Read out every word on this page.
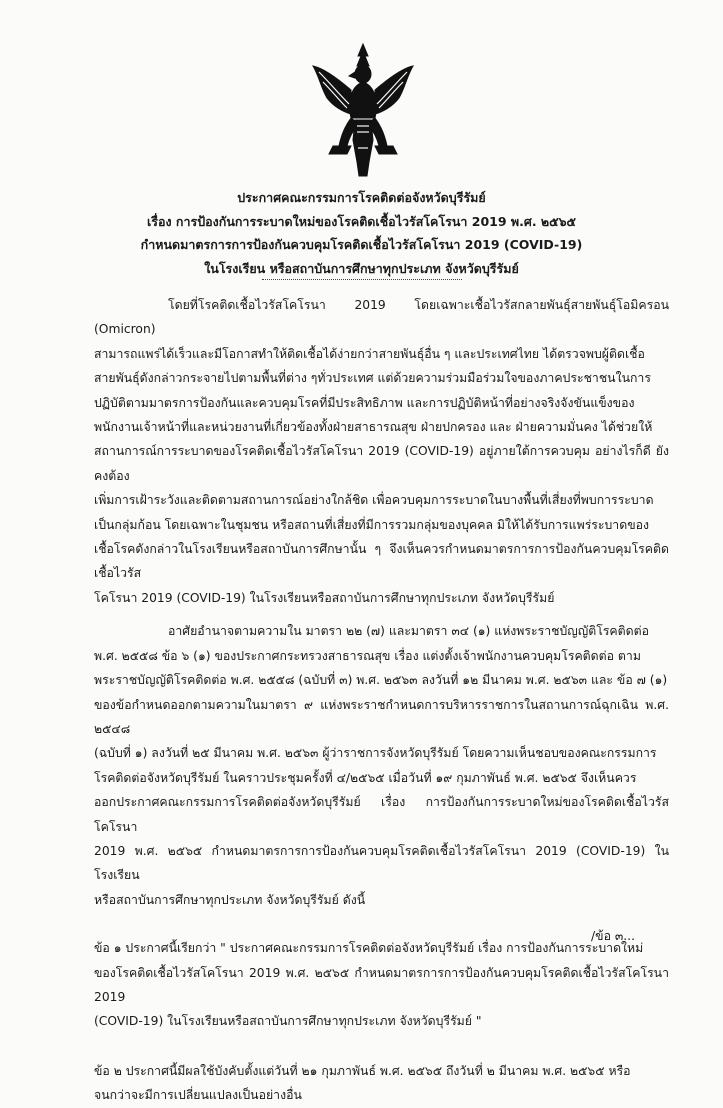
ประกาศคณะกรรมการโรคติดต่อจังหวัดบุรีรัมย์
เรื่อง การป้องกันการระบาดใหม่ของโรคติดเชื้อไวรัสโคโรนา 2019 พ.ศ. ๒๕๖๕
กำหนดมาตรการการป้องกันควบคุมโรคติดเชื้อไวรัสโคโรนา 2019 (COVID-19)
ในโรงเรียน หรือสถาบันการศึกษาทุกประเภท จังหวัดบุรีรัมย์
โดยที่โรคติดเชื้อไวรัสโคโรนา 2019 โดยเฉพาะเชื้อไวรัสกลายพันธุ์สายพันธุ์โอมิครอน (Omicron)
สามารถแพร่ได้เร็วและมีโอกาสทำให้ติดเชื้อได้ง่ายกว่าสายพันธุ์อื่น ๆ และประเทศไทย ได้ตรวจพบผู้ติดเชื้อ
สายพันธุ์ดังกล่าวกระจายไปตามพื้นที่ต่าง ๆทั่วประเทศ แต่ด้วยความร่วมมือร่วมใจของภาคประชาชนในการ
ปฏิบัติตามมาตรการป้องกันและควบคุมโรคที่มีประสิทธิภาพ และการปฏิบัติหน้าที่อย่างจริงจังขันแข็งของ
พนักงานเจ้าหน้าที่และหน่วยงานที่เกี่ยวข้องทั้งฝ่ายสาธารณสุข ฝ่ายปกครอง และ ฝ่ายความมั่นคง ได้ช่วยให้
สถานการณ์การระบาดของโรคติดเชื้อไวรัสโคโรนา 2019 (COVID-19) อยู่ภายใต้การควบคุม อย่างไรก็ดี ยังคงต้อง
เพิ่มการเฝ้าระวังและติดตามสถานการณ์อย่างใกล้ชิด เพื่อควบคุมการระบาดในบางพื้นที่เสี่ยงที่พบการระบาด
เป็นกลุ่มก้อน โดยเฉพาะในชุมชน หรือสถานที่เสี่ยงที่มีการรวมกลุ่มของบุคคล มิให้ได้รับการแพร่ระบาดของ
เชื้อโรคดังกล่าวในโรงเรียนหรือสถาบันการศึกษานั้น ๆ จึงเห็นควรกำหนดมาตรการการป้องกันควบคุมโรคติดเชื้อไวรัส
โคโรนา 2019 (COVID-19) ในโรงเรียนหรือสถาบันการศึกษาทุกประเภท จังหวัดบุรีรัมย์
อาศัยอำนาจตามความใน มาตรา ๒๒ (๗) และมาตรา ๓๔ (๑) แห่งพระราชบัญญัติโรคติดต่อ
พ.ศ. ๒๕๕๘ ข้อ ๖ (๑) ของประกาศกระทรวงสาธารณสุข เรื่อง แต่งตั้งเจ้าพนักงานควบคุมโรคติดต่อ ตาม
พระราชบัญญัติโรคติดต่อ พ.ศ. ๒๕๕๘ (ฉบับที่ ๓) พ.ศ. ๒๕๖๓ ลงวันที่ ๑๒ มีนาคม พ.ศ. ๒๕๖๓ และ ข้อ ๗ (๑)
ของข้อกำหนดออกตามความในมาตรา ๙ แห่งพระราชกำหนดการบริหารราชการในสถานการณ์ฉุกเฉิน พ.ศ. ๒๕๔๘
(ฉบับที่ ๑) ลงวันที่ ๒๕ มีนาคม พ.ศ. ๒๕๖๓ ผู้ว่าราชการจังหวัดบุรีรัมย์ โดยความเห็นชอบของคณะกรรมการ
โรคติดต่อจังหวัดบุรีรัมย์ ในคราวประชุมครั้งที่ ๔/๒๕๖๕ เมื่อวันที่ ๑๙ กุมภาพันธ์ พ.ศ. ๒๕๖๕ จึงเห็นควร
ออกประกาศคณะกรรมการโรคติดต่อจังหวัดบุรีรัมย์ เรื่อง การป้องกันการระบาดใหม่ของโรคติดเชื้อไวรัสโคโรนา
2019 พ.ศ. ๒๕๖๕ กำหนดมาตรการการป้องกันควบคุมโรคติดเชื้อไวรัสโคโรนา 2019 (COVID-19) ในโรงเรียน
หรือสถาบันการศึกษาทุกประเภท จังหวัดบุรีรัมย์ ดังนี้
ข้อ ๑ ประกาศนี้เรียกว่า " ประกาศคณะกรรมการโรคติดต่อจังหวัดบุรีรัมย์ เรื่อง การป้องกันการระบาดใหม่
ของโรคติดเชื้อไวรัสโคโรนา 2019 พ.ศ. ๒๕๖๕ กำหนดมาตรการการป้องกันควบคุมโรคติดเชื้อไวรัสโคโรนา 2019
(COVID-19) ในโรงเรียนหรือสถาบันการศึกษาทุกประเภท จังหวัดบุรีรัมย์ "
ข้อ ๒ ประกาศนี้มีผลใช้บังคับตั้งแต่วันที่ ๒๑ กุมภาพันธ์ พ.ศ. ๒๕๖๕ ถึงวันที่ ๒ มีนาคม พ.ศ. ๒๕๖๕ หรือ
จนกว่าจะมีการเปลี่ยนแปลงเป็นอย่างอื่น
/ข้อ ๓...
